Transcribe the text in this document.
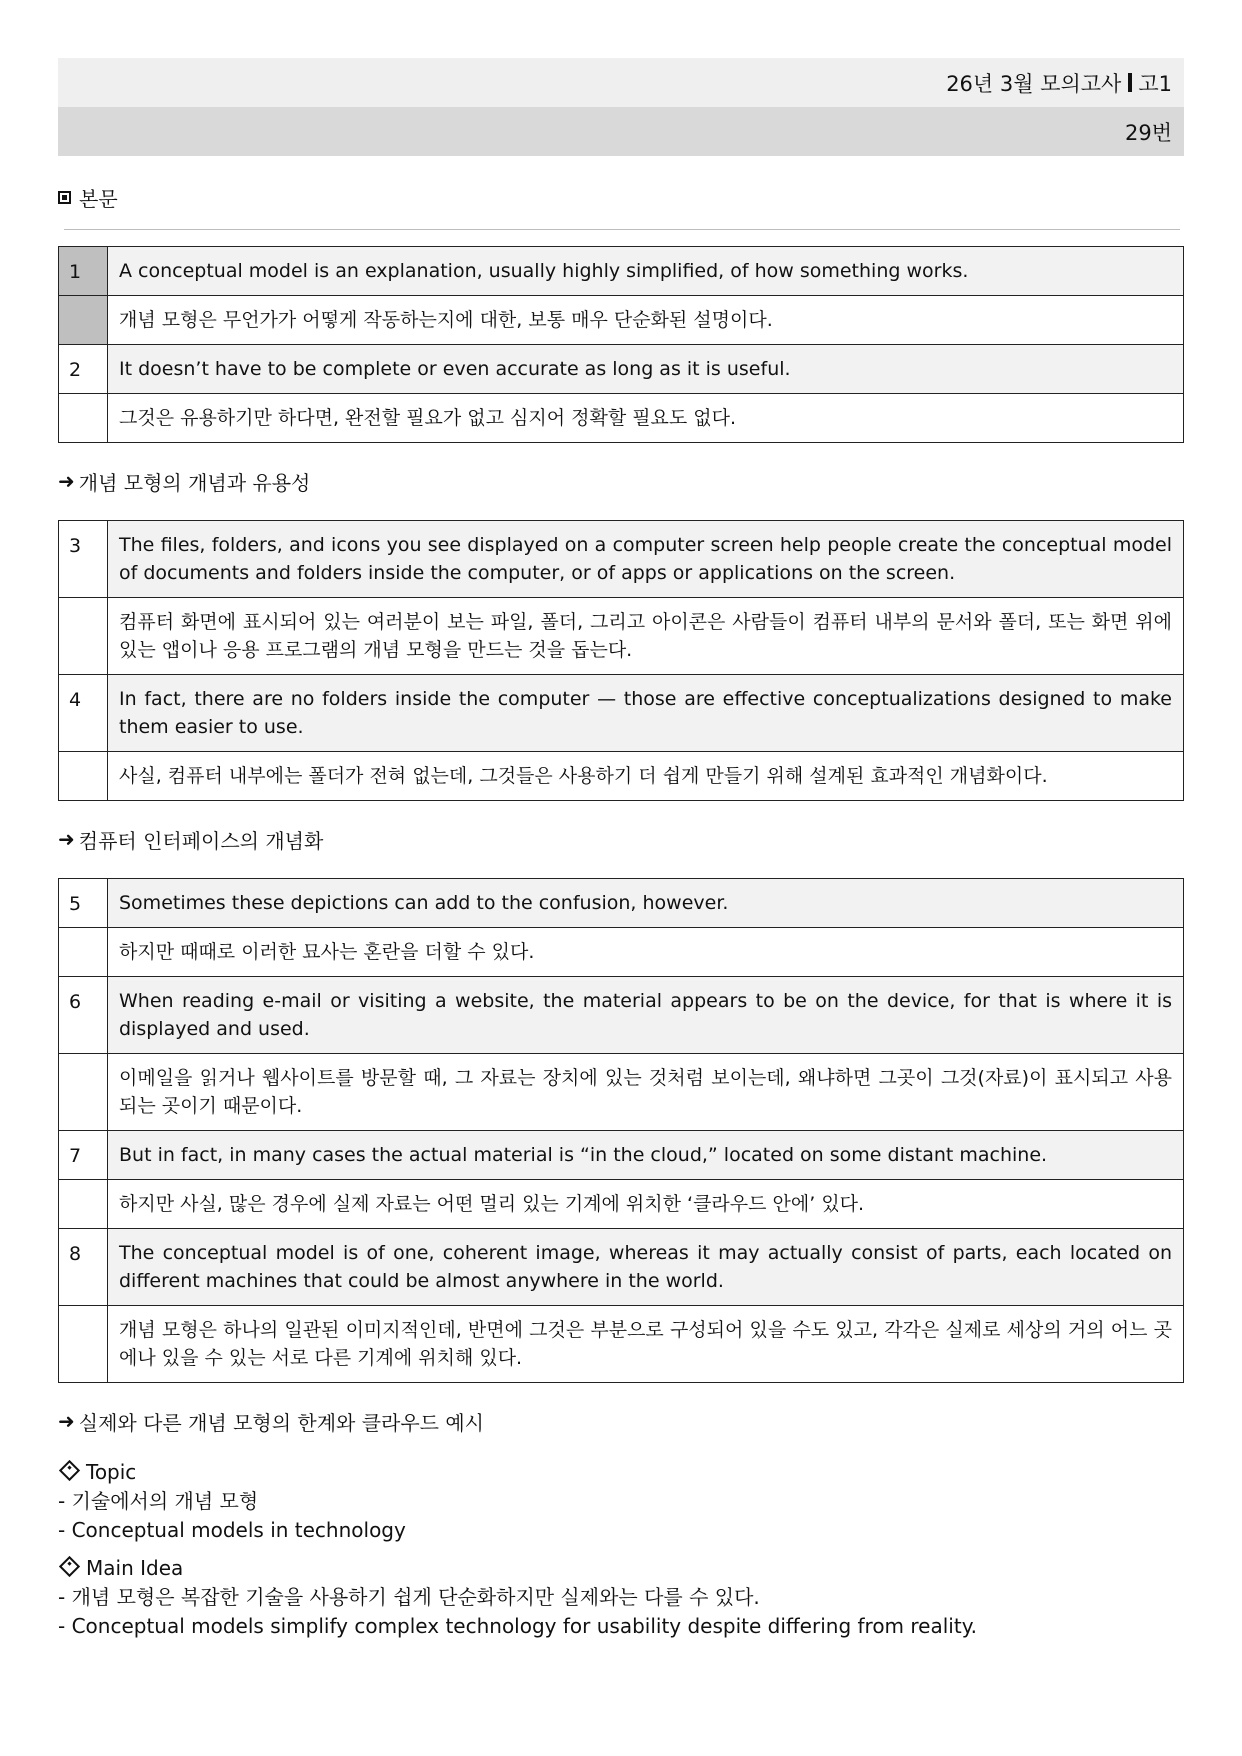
26년 3월 모의고사 고1
29번
본문
1	A conceptual model is an explanation, usually highly simplified, of how something works.
	개념 모형은 무언가가 어떻게 작동하는지에 대한, 보통 매우 단순화된 설명이다.
2	It doesn’t have to be complete or even accurate as long as it is useful.
	그것은 유용하기만 하다면, 완전할 필요가 없고 심지어 정확할 필요도 없다.
➜ 개념 모형의 개념과 유용성
3	The files, folders, and icons you see displayed on a computer screen help people create the conceptual model of documents and folders inside the computer, or of apps or applications on the screen.
	컴퓨터 화면에 표시되어 있는 여러분이 보는 파일, 폴더, 그리고 아이콘은 사람들이 컴퓨터 내부의 문서와 폴더, 또는 화면 위에 있는 앱이나 응용 프로그램의 개념 모형을 만드는 것을 돕는다.
4	In fact, there are no folders inside the computer — those are effective conceptualizations designed to make them easier to use.
	사실, 컴퓨터 내부에는 폴더가 전혀 없는데, 그것들은 사용하기 더 쉽게 만들기 위해 설계된 효과적인 개념화이다.
➜ 컴퓨터 인터페이스의 개념화
5	Sometimes these depictions can add to the confusion, however.
	하지만 때때로 이러한 묘사는 혼란을 더할 수 있다.
6	When reading e-mail or visiting a website, the material appears to be on the device, for that is where it is displayed and used.
	이메일을 읽거나 웹사이트를 방문할 때, 그 자료는 장치에 있는 것처럼 보이는데, 왜냐하면 그곳이 그것(자료)이 표시되고 사용되는 곳이기 때문이다.
7	But in fact, in many cases the actual material is “in the cloud,” located on some distant machine.
	하지만 사실, 많은 경우에 실제 자료는 어떤 멀리 있는 기계에 위치한 ‘클라우드 안에’ 있다.
8	The conceptual model is of one, coherent image, whereas it may actually consist of parts, each located on different machines that could be almost anywhere in the world.
	개념 모형은 하나의 일관된 이미지적인데, 반면에 그것은 부분으로 구성되어 있을 수도 있고, 각각은 실제로 세상의 거의 어느 곳에나 있을 수 있는 서로 다른 기계에 위치해 있다.
➜ 실제와 다른 개념 모형의 한계와 클라우드 예시
Topic
- 기술에서의 개념 모형
- Conceptual models in technology
Main Idea
- 개념 모형은 복잡한 기술을 사용하기 쉽게 단순화하지만 실제와는 다를 수 있다.
- Conceptual models simplify complex technology for usability despite differing from reality.
